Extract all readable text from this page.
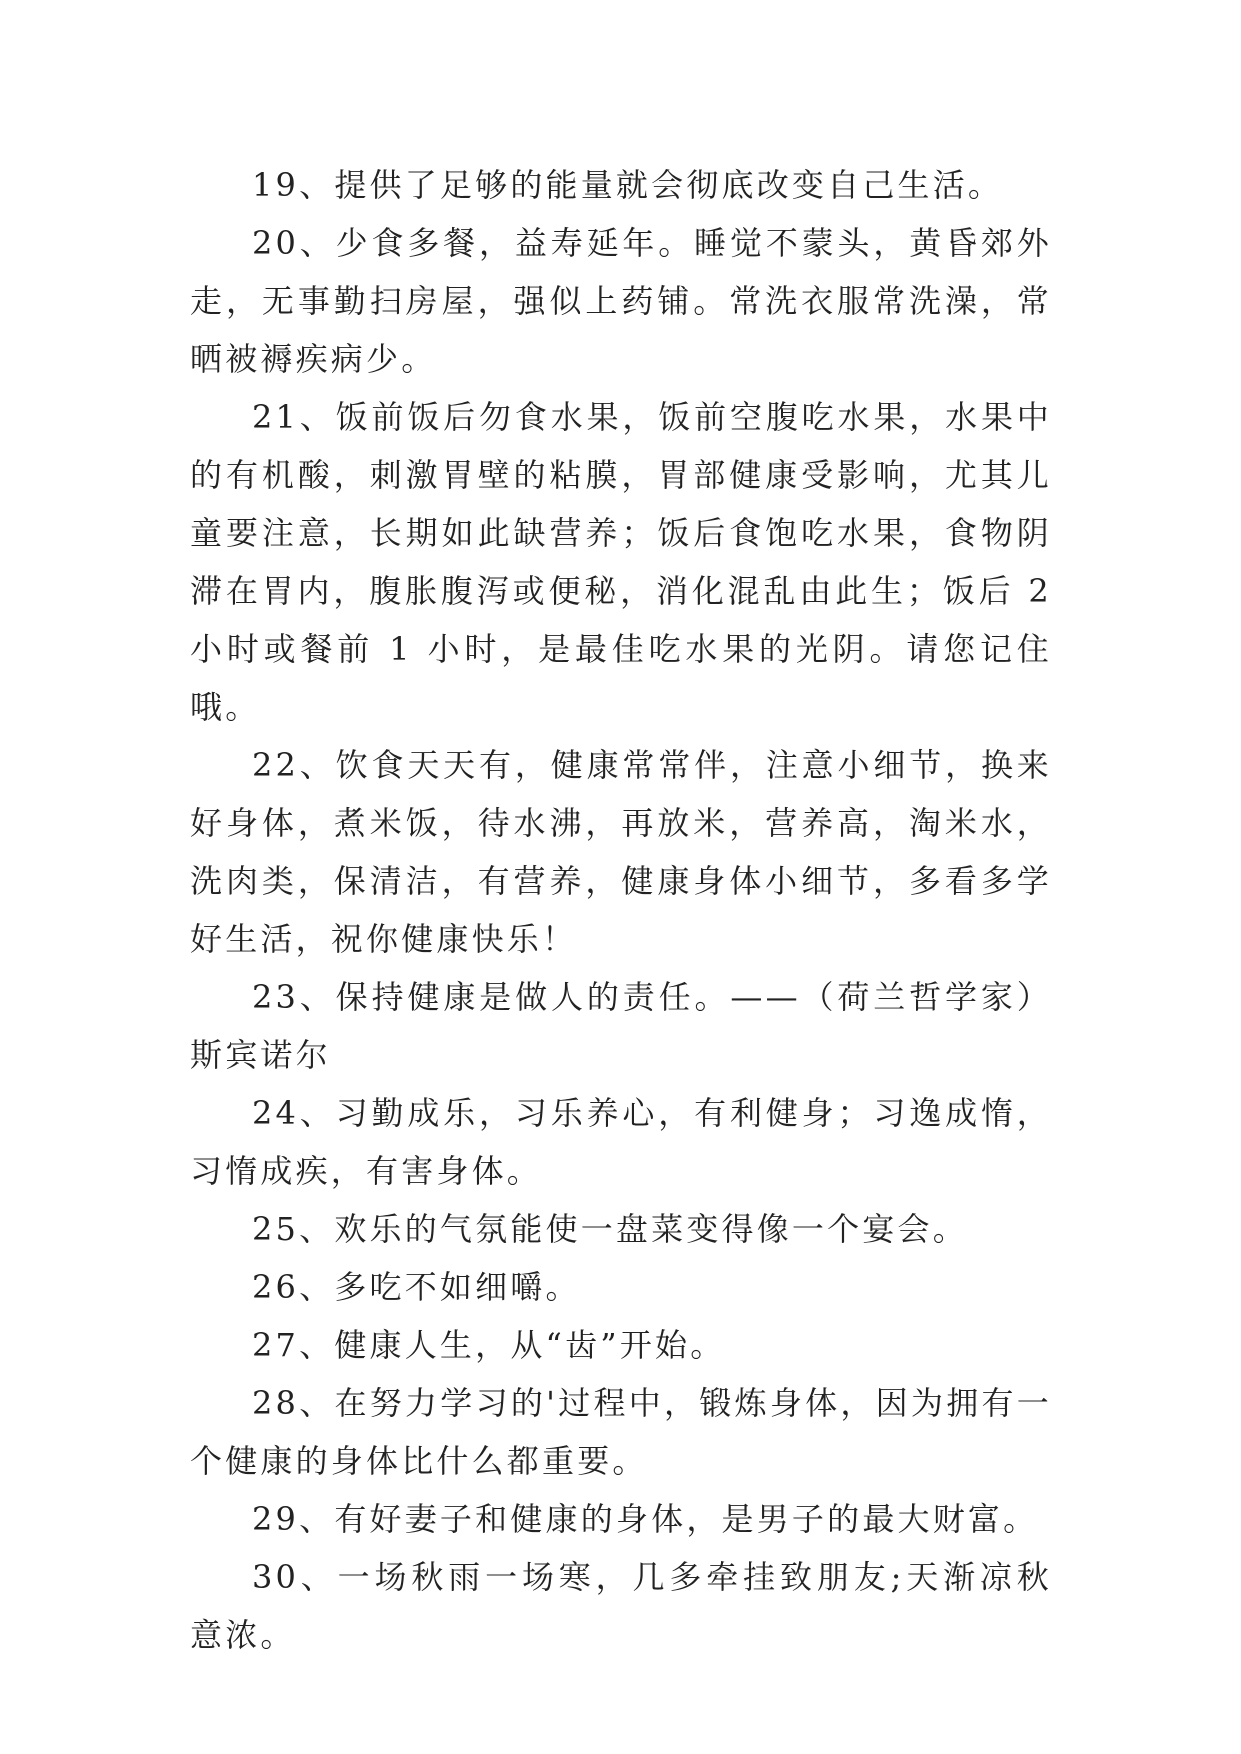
19、提供了足够的能量就会彻底改变自己生活。

20、少食多餐，益寿延年。睡觉不蒙头，黄昏郊外走，无事勤扫房屋，强似上药铺。常洗衣服常洗澡，常晒被褥疾病少。

21、饭前饭后勿食水果，饭前空腹吃水果，水果中的有机酸，刺激胃壁的粘膜，胃部健康受影响，尤其儿童要注意，长期如此缺营养；饭后食饱吃水果，食物阴滞在胃内，腹胀腹泻或便秘，消化混乱由此生；饭后 2 小时或餐前 1 小时，是最佳吃水果的光阴。请您记住哦。

22、饮食天天有，健康常常伴，注意小细节，换来好身体，煮米饭，待水沸，再放米，营养高，淘米水，洗肉类，保清洁，有营养，健康身体小细节，多看多学好生活，祝你健康快乐！

23、保持健康是做人的责任。——（荷兰哲学家）斯宾诺尔

24、习勤成乐，习乐养心，有利健身；习逸成惰，习惰成疾，有害身体。

25、欢乐的气氛能使一盘菜变得像一个宴会。

26、多吃不如细嚼。

27、健康人生，从“齿”开始。

28、在努力学习的'过程中，锻炼身体，因为拥有一个健康的身体比什么都重要。

29、有好妻子和健康的身体，是男子的最大财富。

30、一场秋雨一场寒，几多牵挂致朋友;天渐凉秋意浓。
